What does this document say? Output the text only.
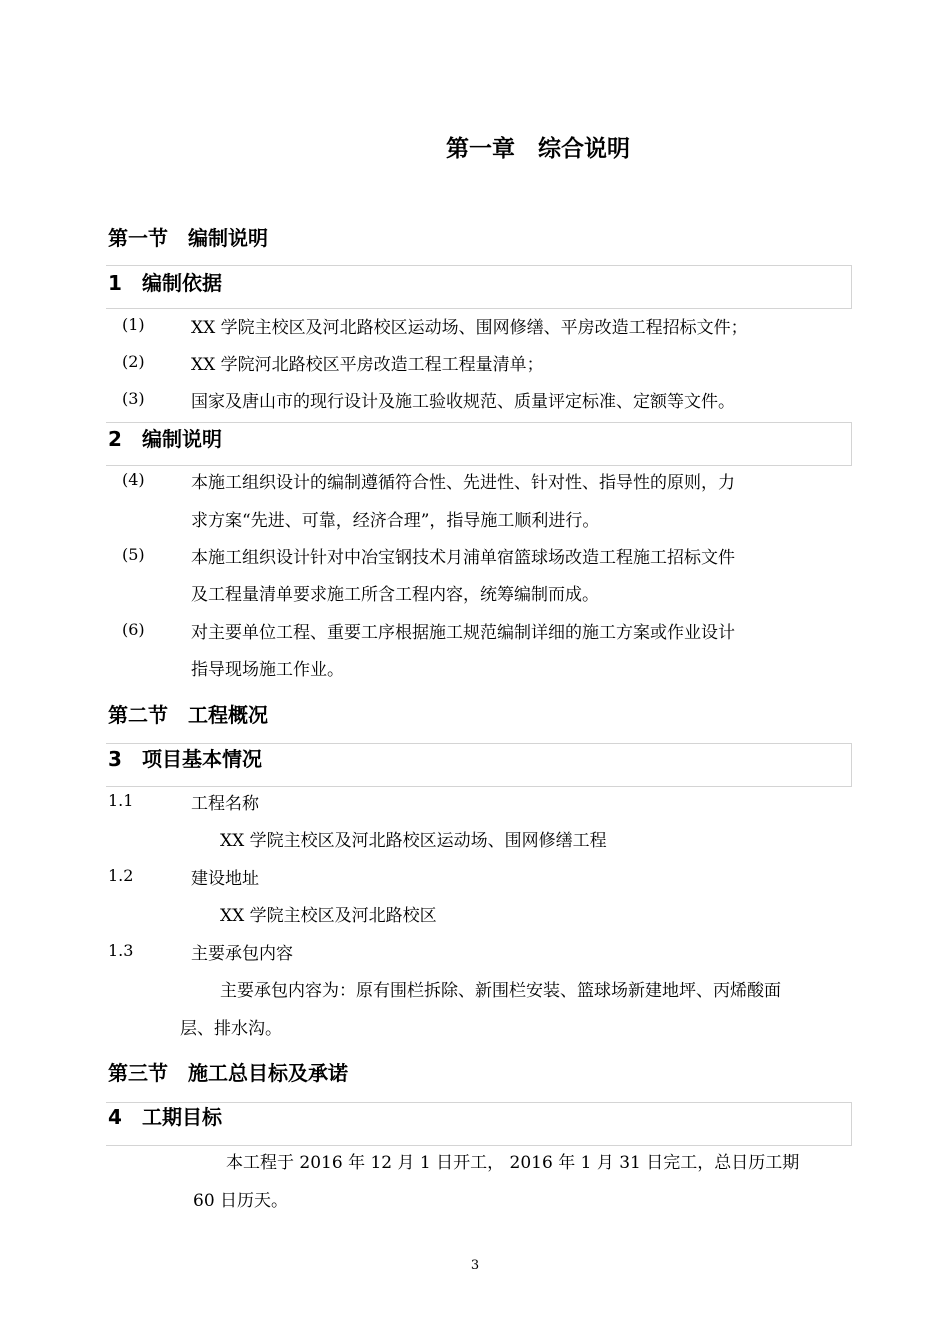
第一章　综合说明
第一节　编制说明
1 编制依据
(1)	XX 学院主校区及河北路校区运动场、围网修缮、平房改造工程招标文件；
(2)	XX 学院河北路校区平房改造工程工程量清单；
(3)	国家及唐山市的现行设计及施工验收规范、质量评定标准、定额等文件。
2 编制说明
(4)	本施工组织设计的编制遵循符合性、先进性、针对性、指导性的原则，力
求方案“先进、可靠，经济合理”，指导施工顺利进行。
(5)	本施工组织设计针对中冶宝钢技术月浦单宿篮球场改造工程施工招标文件
及工程量清单要求施工所含工程内容，统筹编制而成。
(6)	对主要单位工程、重要工序根据施工规范编制详细的施工方案或作业设计
指导现场施工作业。
第二节　工程概况
3 项目基本情况
1.1	工程名称
XX 学院主校区及河北路校区运动场、围网修缮工程
1.2	建设地址
XX 学院主校区及河北路校区
1.3	主要承包内容
主要承包内容为：原有围栏拆除、新围栏安装、篮球场新建地坪、丙烯酸面
层、排水沟。
第三节　施工总目标及承诺
4 工期目标
本工程于 2016 年 12 月 1 日开工， 2016 年 1 月 31 日完工，总日历工期
60 日历天。
3
